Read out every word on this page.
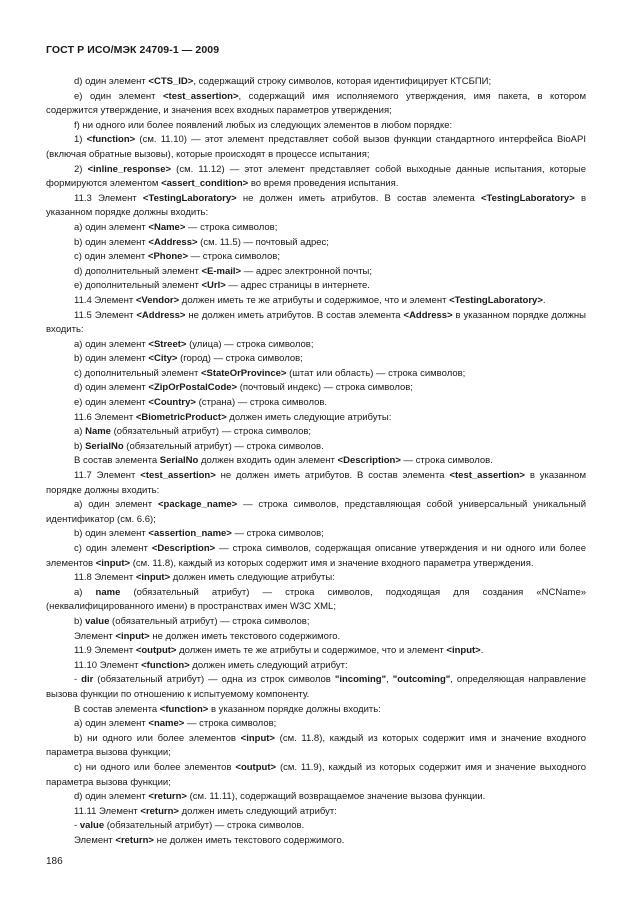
ГОСТ Р ИСО/МЭК 24709-1 — 2009

d) один элемент <CTS_ID>, содержащий строку символов, которая идентифицирует КТСБПИ;

e) один элемент <test_assertion>, содержащий имя исполняемого утверждения, имя пакета, в котором содержится утверждение, и значения всех входных параметров утверждения;

f) ни одного или более появлений любых из следующих элементов в любом порядке:

1) <function> (см. 11.10) — этот элемент представляет собой вызов функции стандартного интерфейса BioAPI (включая обратные вызовы), которые происходят в процессе испытания;

2) <inline_response> (см. 11.12) — этот элемент представляет собой выходные данные испытания, которые формируются элементом <assert_condition> во время проведения испытания.

11.3 Элемент <TestingLaboratory> не должен иметь атрибутов. В состав элемента <TestingLaboratory> в указанном порядке должны входить:

a) один элемент <Name> — строка символов;

b) один элемент <Address> (см. 11.5) — почтовый адрес;

c) один элемент <Phone> — строка символов;

d) дополнительный элемент <E-mail> — адрес электронной почты;

e) дополнительный элемент <Url> — адрес страницы в интернете.

11.4 Элемент <Vendor> должен иметь те же атрибуты и содержимое, что и элемент <TestingLaboratory>.

11.5 Элемент <Address> не должен иметь атрибутов. В состав элемента <Address> в указанном порядке должны входить:

a) один элемент <Street> (улица) — строка символов;

b) один элемент <City> (город) — строка символов;

c) дополнительный элемент <StateOrProvince> (штат или область) — строка символов;

d) один элемент <ZipOrPostalCode> (почтовый индекс) — строка символов;

e) один элемент <Country> (страна) — строка символов.

11.6 Элемент <BiometricProduct> должен иметь следующие атрибуты:

a) Name (обязательный атрибут) — строка символов;

b) SerialNo (обязательный атрибут) — строка символов.

В состав элемента SerialNo должен входить один элемент <Description> — строка символов.

11.7 Элемент <test_assertion> не должен иметь атрибутов. В состав элемента <test_assertion> в указанном порядке должны входить:

a) один элемент <package_name> — строка символов, представляющая собой универсальный уникальный идентификатор (см. 6.6);

b) один элемент <assertion_name> — строка символов;

c) один элемент <Description> — строка символов, содержащая описание утверждения и ни одного или более элементов <input> (см. 11.8), каждый из которых содержит имя и значение входного параметра утверждения.

11.8 Элемент <input> должен иметь следующие атрибуты:

a) name (обязательный атрибут) — строка символов, подходящая для создания «NCName» (неквалифицированного имени) в пространствах имен W3C XML;

b) value (обязательный атрибут) — строка символов;

Элемент <input> не должен иметь текстового содержимого.

11.9 Элемент <output> должен иметь те же атрибуты и содержимое, что и элемент <input>.

11.10 Элемент <function> должен иметь следующий атрибут:

- dir (обязательный атрибут) — одна из строк символов "incoming", "outcoming", определяющая направление вызова функции по отношению к испытуемому компоненту.

В состав элемента <function> в указанном порядке должны входить:

a) один элемент <name> — строка символов;

b) ни одного или более элементов <input> (см. 11.8), каждый из которых содержит имя и значение входного параметра вызова функции;

c) ни одного или более элементов <output> (см. 11.9), каждый из которых содержит имя и значение выходного параметра вызова функции;

d) один элемент <return> (см. 11.11), содержащий возвращаемое значение вызова функции.

11.11 Элемент <return> должен иметь следующий атрибут:

- value (обязательный атрибут) — строка символов.

Элемент <return> не должен иметь текстового содержимого.

186
